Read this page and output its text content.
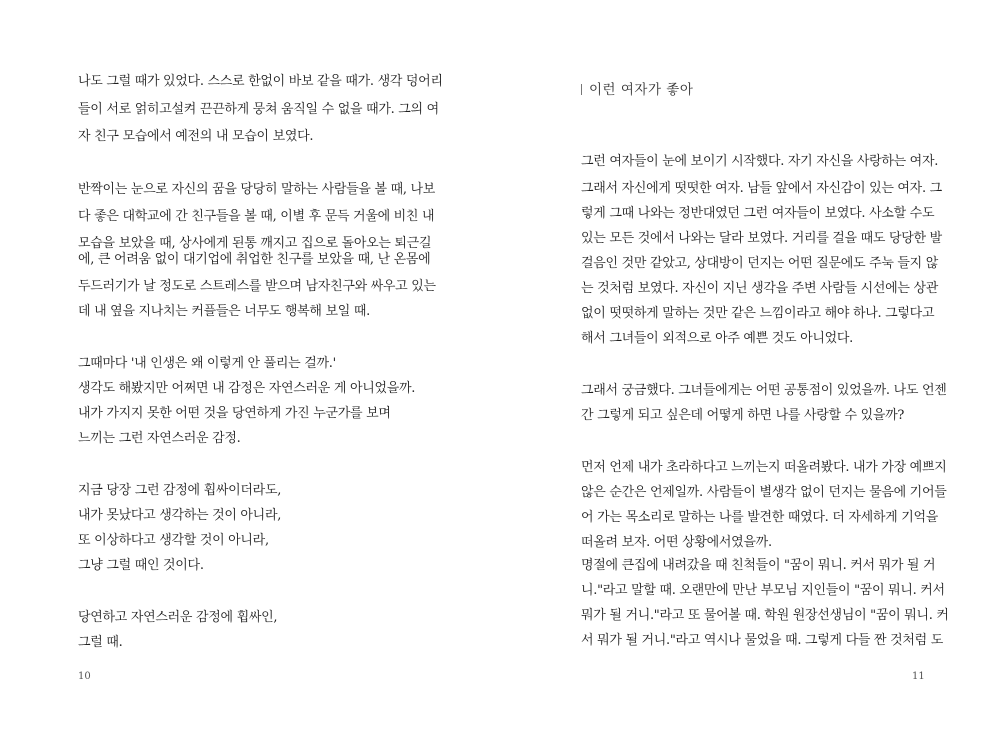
나도 그럴 때가 있었다. 스스로 한없이 바보 같을 때가. 생각 덩어리

들이 서로 얽히고설켜 끈끈하게 뭉쳐 움직일 수 없을 때가. 그의 여

자 친구 모습에서 예전의 내 모습이 보였다.

반짝이는 눈으로 자신의 꿈을 당당히 말하는 사람들을 볼 때, 나보

다 좋은 대학교에 간 친구들을 볼 때, 이별 후 문득 거울에 비친 내

모습을 보았을 때, 상사에게 된통 깨지고 집으로 돌아오는 퇴근길

에, 큰 어려움 없이 대기업에 취업한 친구를 보았을 때, 난 온몸에

두드러기가 날 정도로 스트레스를 받으며 남자친구와 싸우고 있는

데 내 옆을 지나치는 커플들은 너무도 행복해 보일 때.

그때마다 '내 인생은 왜 이렇게 안 풀리는 걸까.'

생각도 해봤지만 어쩌면 내 감정은 자연스러운 게 아니었을까.

내가 가지지 못한 어떤 것을 당연하게 가진 누군가를 보며

느끼는 그런 자연스러운 감정.

지금 당장 그런 감정에 휩싸이더라도,

내가 못났다고 생각하는 것이 아니라,

또 이상하다고 생각할 것이 아니라,

그냥 그럴 때인 것이다.

당연하고 자연스러운 감정에 휩싸인,

그럴 때.

10
이런 여자가 좋아

그런 여자들이 눈에 보이기 시작했다. 자기 자신을 사랑하는 여자.

그래서 자신에게 떳떳한 여자. 남들 앞에서 자신감이 있는 여자. 그

렇게 그때 나와는 정반대였던 그런 여자들이 보였다. 사소할 수도

있는 모든 것에서 나와는 달라 보였다. 거리를 걸을 때도 당당한 발

걸음인 것만 같았고, 상대방이 던지는 어떤 질문에도 주눅 들지 않

는 것처럼 보였다. 자신이 지닌 생각을 주변 사람들 시선에는 상관

없이 떳떳하게 말하는 것만 같은 느낌이라고 해야 하나. 그렇다고

해서 그녀들이 외적으로 아주 예쁜 것도 아니었다.

그래서 궁금했다. 그녀들에게는 어떤 공통점이 있었을까. 나도 언젠

간 그렇게 되고 싶은데 어떻게 하면 나를 사랑할 수 있을까?

먼저 언제 내가 초라하다고 느끼는지 떠올려봤다. 내가 가장 예쁘지

않은 순간은 언제일까. 사람들이 별생각 없이 던지는 물음에 기어들

어 가는 목소리로 말하는 나를 발견한 때였다. 더 자세하게 기억을

떠올려 보자. 어떤 상황에서였을까.

명절에 큰집에 내려갔을 때 친척들이 "꿈이 뭐니. 커서 뭐가 될 거

니."라고 말할 때. 오랜만에 만난 부모님 지인들이 "꿈이 뭐니. 커서

뭐가 될 거니."라고 또 물어볼 때. 학원 원장선생님이 "꿈이 뭐니. 커

서 뭐가 될 거니."라고 역시나 물었을 때. 그렇게 다들 짠 것처럼 도

11
